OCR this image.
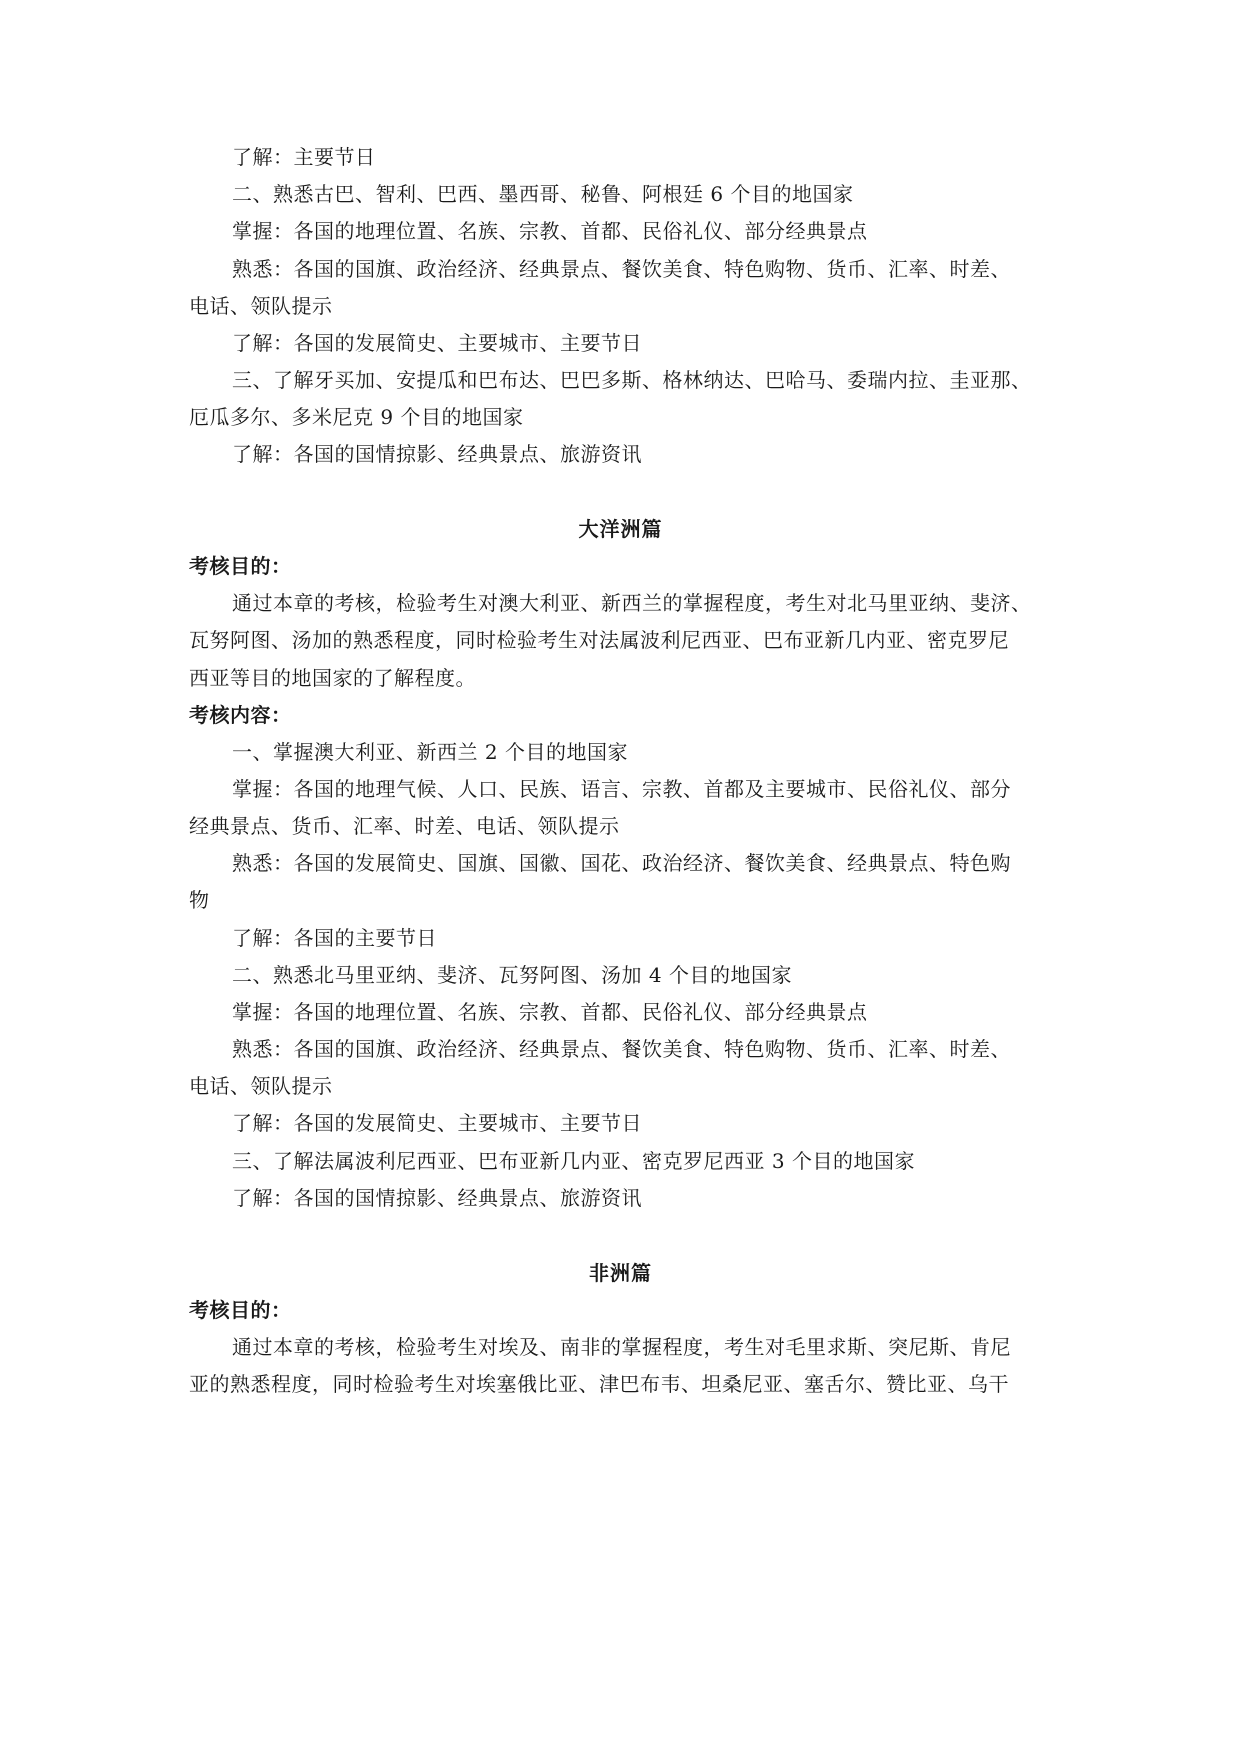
了解：主要节日
二、熟悉古巴、智利、巴西、墨西哥、秘鲁、阿根廷 6 个目的地国家
掌握：各国的地理位置、名族、宗教、首都、民俗礼仪、部分经典景点
熟悉：各国的国旗、政治经济、经典景点、餐饮美食、特色购物、货币、汇率、时差、
电话、领队提示
了解：各国的发展简史、主要城市、主要节日
三、了解牙买加、安提瓜和巴布达、巴巴多斯、格林纳达、巴哈马、委瑞内拉、圭亚那、
厄瓜多尔、多米尼克 9 个目的地国家
了解：各国的国情掠影、经典景点、旅游资讯
大洋洲篇
考核目的：
通过本章的考核，检验考生对澳大利亚、新西兰的掌握程度，考生对北马里亚纳、斐济、
瓦努阿图、汤加的熟悉程度，同时检验考生对法属波利尼西亚、巴布亚新几内亚、密克罗尼
西亚等目的地国家的了解程度。
考核内容：
一、掌握澳大利亚、新西兰 2 个目的地国家
掌握：各国的地理气候、人口、民族、语言、宗教、首都及主要城市、民俗礼仪、部分
经典景点、货币、汇率、时差、电话、领队提示
熟悉：各国的发展简史、国旗、国徽、国花、政治经济、餐饮美食、经典景点、特色购
物
了解：各国的主要节日
二、熟悉北马里亚纳、斐济、瓦努阿图、汤加 4 个目的地国家
掌握：各国的地理位置、名族、宗教、首都、民俗礼仪、部分经典景点
熟悉：各国的国旗、政治经济、经典景点、餐饮美食、特色购物、货币、汇率、时差、
电话、领队提示
了解：各国的发展简史、主要城市、主要节日
三、了解法属波利尼西亚、巴布亚新几内亚、密克罗尼西亚 3 个目的地国家
了解：各国的国情掠影、经典景点、旅游资讯
非洲篇
考核目的：
通过本章的考核，检验考生对埃及、南非的掌握程度，考生对毛里求斯、突尼斯、肯尼
亚的熟悉程度，同时检验考生对埃塞俄比亚、津巴布韦、坦桑尼亚、塞舌尔、赞比亚、乌干
